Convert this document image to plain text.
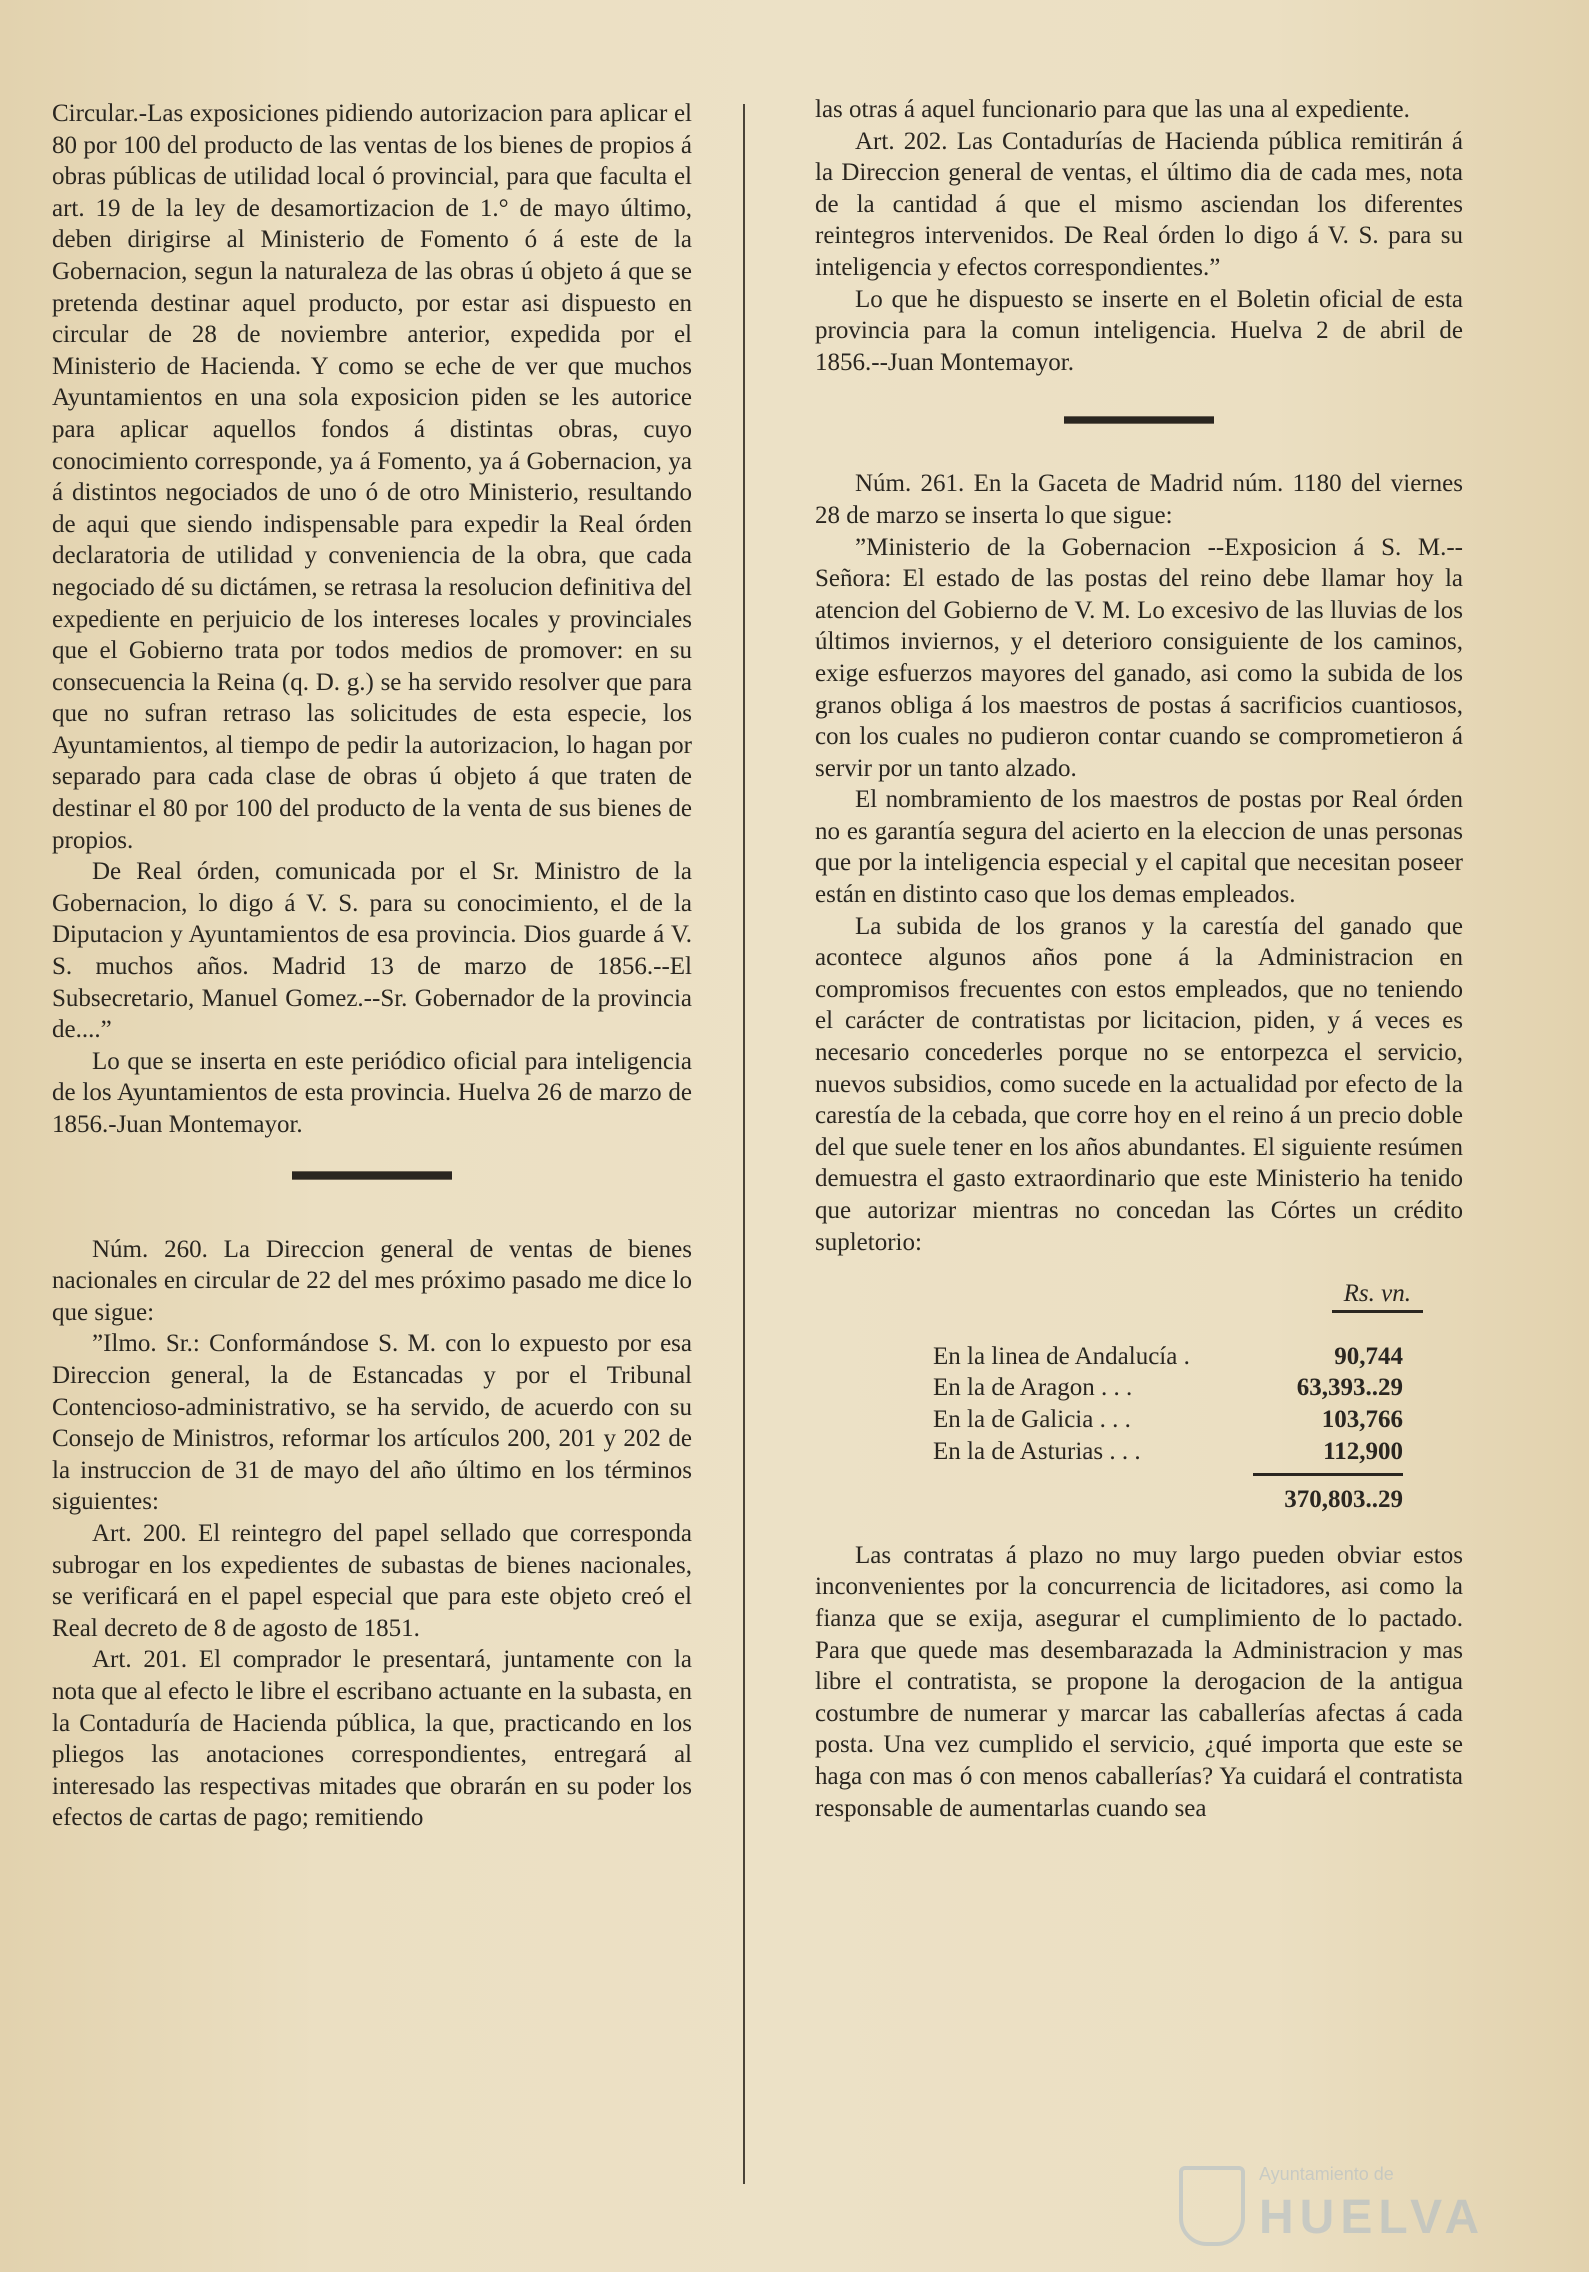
Circular.-Las exposiciones pidiendo autorizacion para aplicar el 80 por 100 del producto de las ventas de los bienes de propios á obras públicas de utilidad local ó provincial, para que faculta el art. 19 de la ley de desamortizacion de 1.° de mayo último, deben dirigirse al Ministerio de Fomento ó á este de la Gobernacion, segun la naturaleza de las obras ú objeto á que se pretenda destinar aquel producto, por estar asi dispuesto en circular de 28 de noviembre anterior, expedida por el Ministerio de Hacienda. Y como se eche de ver que muchos Ayuntamientos en una sola exposicion piden se les autorice para aplicar aquellos fondos á distintas obras, cuyo conocimiento corresponde, ya á Fomento, ya á Gobernacion, ya á distintos negociados de uno ó de otro Ministerio, resultando de aqui que siendo indispensable para expedir la Real órden declaratoria de utilidad y conveniencia de la obra, que cada negociado dé su dictámen, se retrasa la resolucion definitiva del expediente en perjuicio de los intereses locales y provinciales que el Gobierno trata por todos medios de promover: en su consecuencia la Reina (q. D. g.) se ha servido resolver que para que no sufran retraso las solicitudes de esta especie, los Ayuntamientos, al tiempo de pedir la autorizacion, lo hagan por separado para cada clase de obras ú objeto á que traten de destinar el 80 por 100 del producto de la venta de sus bienes de propios.

De Real órden, comunicada por el Sr. Ministro de la Gobernacion, lo digo á V. S. para su conocimiento, el de la Diputacion y Ayuntamientos de esa provincia. Dios guarde á V. S. muchos años. Madrid 13 de marzo de 1856.--El Subsecretario, Manuel Gomez.--Sr. Gobernador de la provincia de....”

Lo que se inserta en este periódico oficial para inteligencia de los Ayuntamientos de esta provincia. Huelva 26 de marzo de 1856.-Juan Montemayor.

Núm. 260. La Direccion general de ventas de bienes nacionales en circular de 22 del mes próximo pasado me dice lo que sigue:

”Ilmo. Sr.: Conformándose S. M. con lo expuesto por esa Direccion general, la de Estancadas y por el Tribunal Contencioso-administrativo, se ha servido, de acuerdo con su Consejo de Ministros, reformar los artículos 200, 201 y 202 de la instruccion de 31 de mayo del año último en los términos siguientes:

Art. 200. El reintegro del papel sellado que corresponda subrogar en los expedientes de subastas de bienes nacionales, se verificará en el papel especial que para este objeto creó el Real decreto de 8 de agosto de 1851.

Art. 201. El comprador le presentará, juntamente con la nota que al efecto le libre el escribano actuante en la subasta, en la Contaduría de Hacienda pública, la que, practicando en los pliegos las anotaciones correspondientes, entregará al interesado las respectivas mitades que obrarán en su poder los efectos de cartas de pago; remitiendo

las otras á aquel funcionario para que las una al expediente.

Art. 202. Las Contadurías de Hacienda pública remitirán á la Direccion general de ventas, el último dia de cada mes, nota de la cantidad á que el mismo asciendan los diferentes reintegros intervenidos. De Real órden lo digo á V. S. para su inteligencia y efectos correspondientes.”

Lo que he dispuesto se inserte en el Boletin oficial de esta provincia para la comun inteligencia. Huelva 2 de abril de 1856.--Juan Montemayor.

Núm. 261. En la Gaceta de Madrid núm. 1180 del viernes 28 de marzo se inserta lo que sigue:

”Ministerio de la Gobernacion --Exposicion á S. M.--Señora: El estado de las postas del reino debe llamar hoy la atencion del Gobierno de V. M. Lo excesivo de las lluvias de los últimos inviernos, y el deterioro consiguiente de los caminos, exige esfuerzos mayores del ganado, asi como la subida de los granos obliga á los maestros de postas á sacrificios cuantiosos, con los cuales no pudieron contar cuando se comprometieron á servir por un tanto alzado.

El nombramiento de los maestros de postas por Real órden no es garantía segura del acierto en la eleccion de unas personas que por la inteligencia especial y el capital que necesitan poseer están en distinto caso que los demas empleados.

La subida de los granos y la carestía del ganado que acontece algunos años pone á la Administracion en compromisos frecuentes con estos empleados, que no teniendo el carácter de contratistas por licitacion, piden, y á veces es necesario concederles porque no se entorpezca el servicio, nuevos subsidios, como sucede en la actualidad por efecto de la carestía de la cebada, que corre hoy en el reino á un precio doble del que suele tener en los años abundantes. El siguiente resúmen demuestra el gasto extraordinario que este Ministerio ha tenido que autorizar mientras no concedan las Córtes un crédito supletorio:

Rs. vn.
En la linea de Andalucía .	90,744
En la de Aragon . . .	63,393..29
En la de Galicia . . .	103,766
En la de Asturias . . .	112,900
370,803..29

Las contratas á plazo no muy largo pueden obviar estos inconvenientes por la concurrencia de licitadores, asi como la fianza que se exija, asegurar el cumplimiento de lo pactado. Para que quede mas desembarazada la Administracion y mas libre el contratista, se propone la derogacion de la antigua costumbre de numerar y marcar las caballerías afectas á cada posta. Una vez cumplido el servicio, ¿qué importa que este se haga con mas ó con menos caballerías? Ya cuidará el contratista responsable de aumentarlas cuando sea

Ayuntamiento de
HUELVA
